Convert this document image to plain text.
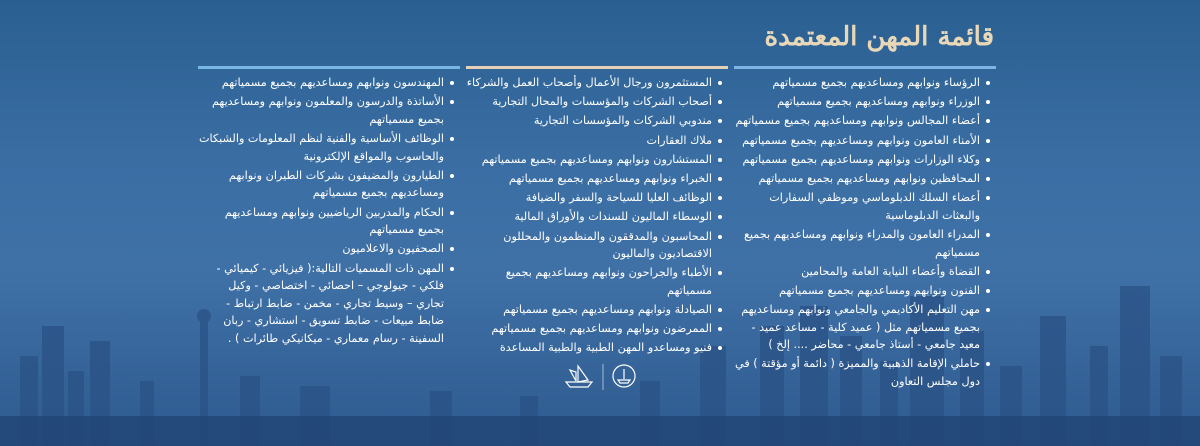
قائمة المهن المعتمدة
الرؤساء ونوابهم ومساعديهم بجميع مسمياتهم
الوزراء ونوابهم ومساعديهم بجميع مسمياتهم
أعضاء المجالس ونوابهم ومساعديهم بجميع مسمياتهم
الأمناء العامون ونوابهم ومساعديهم بجميع مسمياتهم
وكلاء الوزارات ونوابهم ومساعديهم بجميع مسمياتهم
المحافظين ونوابهم ومساعديهم بجميع مسمياتهم
أعضاء السلك الدبلوماسي وموظفي السفارات والبعثات الدبلوماسية
المدراء العامون والمدراء ونوابهم ومساعديهم بجميع مسمياتهم
القضاة وأعضاء النيابة العامة والمحامين
الفنون ونوابهم ومساعديهم بجميع مسمياتهم
مهن التعليم الأكاديمي والجامعي ونوابهم ومساعديهم بجميع مسمياتهم مثل ( عميد كلية - مساعد عميد - معيد جامعي - أستاذ جامعي - محاضر .... إلخ )
حاملي الإقامة الذهبية والمميزة ( دائمة أو مؤقتة ) في دول مجلس التعاون
المستثمرون ورجال الأعمال وأصحاب العمل والشركاء
أصحاب الشركات والمؤسسات والمحال التجارية
مندوبي الشركات والمؤسسات التجارية
ملاك العقارات
المستشارون ونوابهم ومساعديهم بجميع مسمياتهم
الخبراء ونوابهم ومساعديهم بجميع مسمياتهم
الوظائف العليا للسياحة والسفر والضيافة
الوسطاء الماليون للسندات والأوراق المالية
المحاسبون والمدققون والمنظمون والمحللون الاقتصاديون والماليون
الأطباء والجراحون ونوابهم ومساعديهم بجميع مسمياتهم
الصيادلة ونوابهم ومساعديهم بجميع مسمياتهم
الممرضون ونوابهم ومساعديهم بجميع مسمياتهم
فنيو ومساعدو المهن الطبية والطبية المساعدة
المهندسون ونوابهم ومساعديهم بجميع مسمياتهم
الأساتذة والدرسون والمعلمون ونوابهم ومساعديهم بجميع مسمياتهم
الوظائف الأساسية والفنية لنظم المعلومات والشبكات والحاسوب والمواقع الإلكترونية
الطيارون والمضيفون بشركات الطيران ونوابهم ومساعديهم بجميع مسمياتهم
الحكام والمدربين الرياضيين ونوابهم ومساعديهم بجميع مسمياتهم
الصحفيون والاعلاميون
المهن ذات المسميات التالية:( فيزيائي - كيميائي - فلكي - جيولوجي – احصائي - اختصاصي - وكيل تجاري – وسيط تجاري - مخمن - ضابط ارتباط - ضابط مبيعات - ضابط تسويق - استشاري - ربان السفينة - رسام معماري - ميكانيكي طائرات ) .
